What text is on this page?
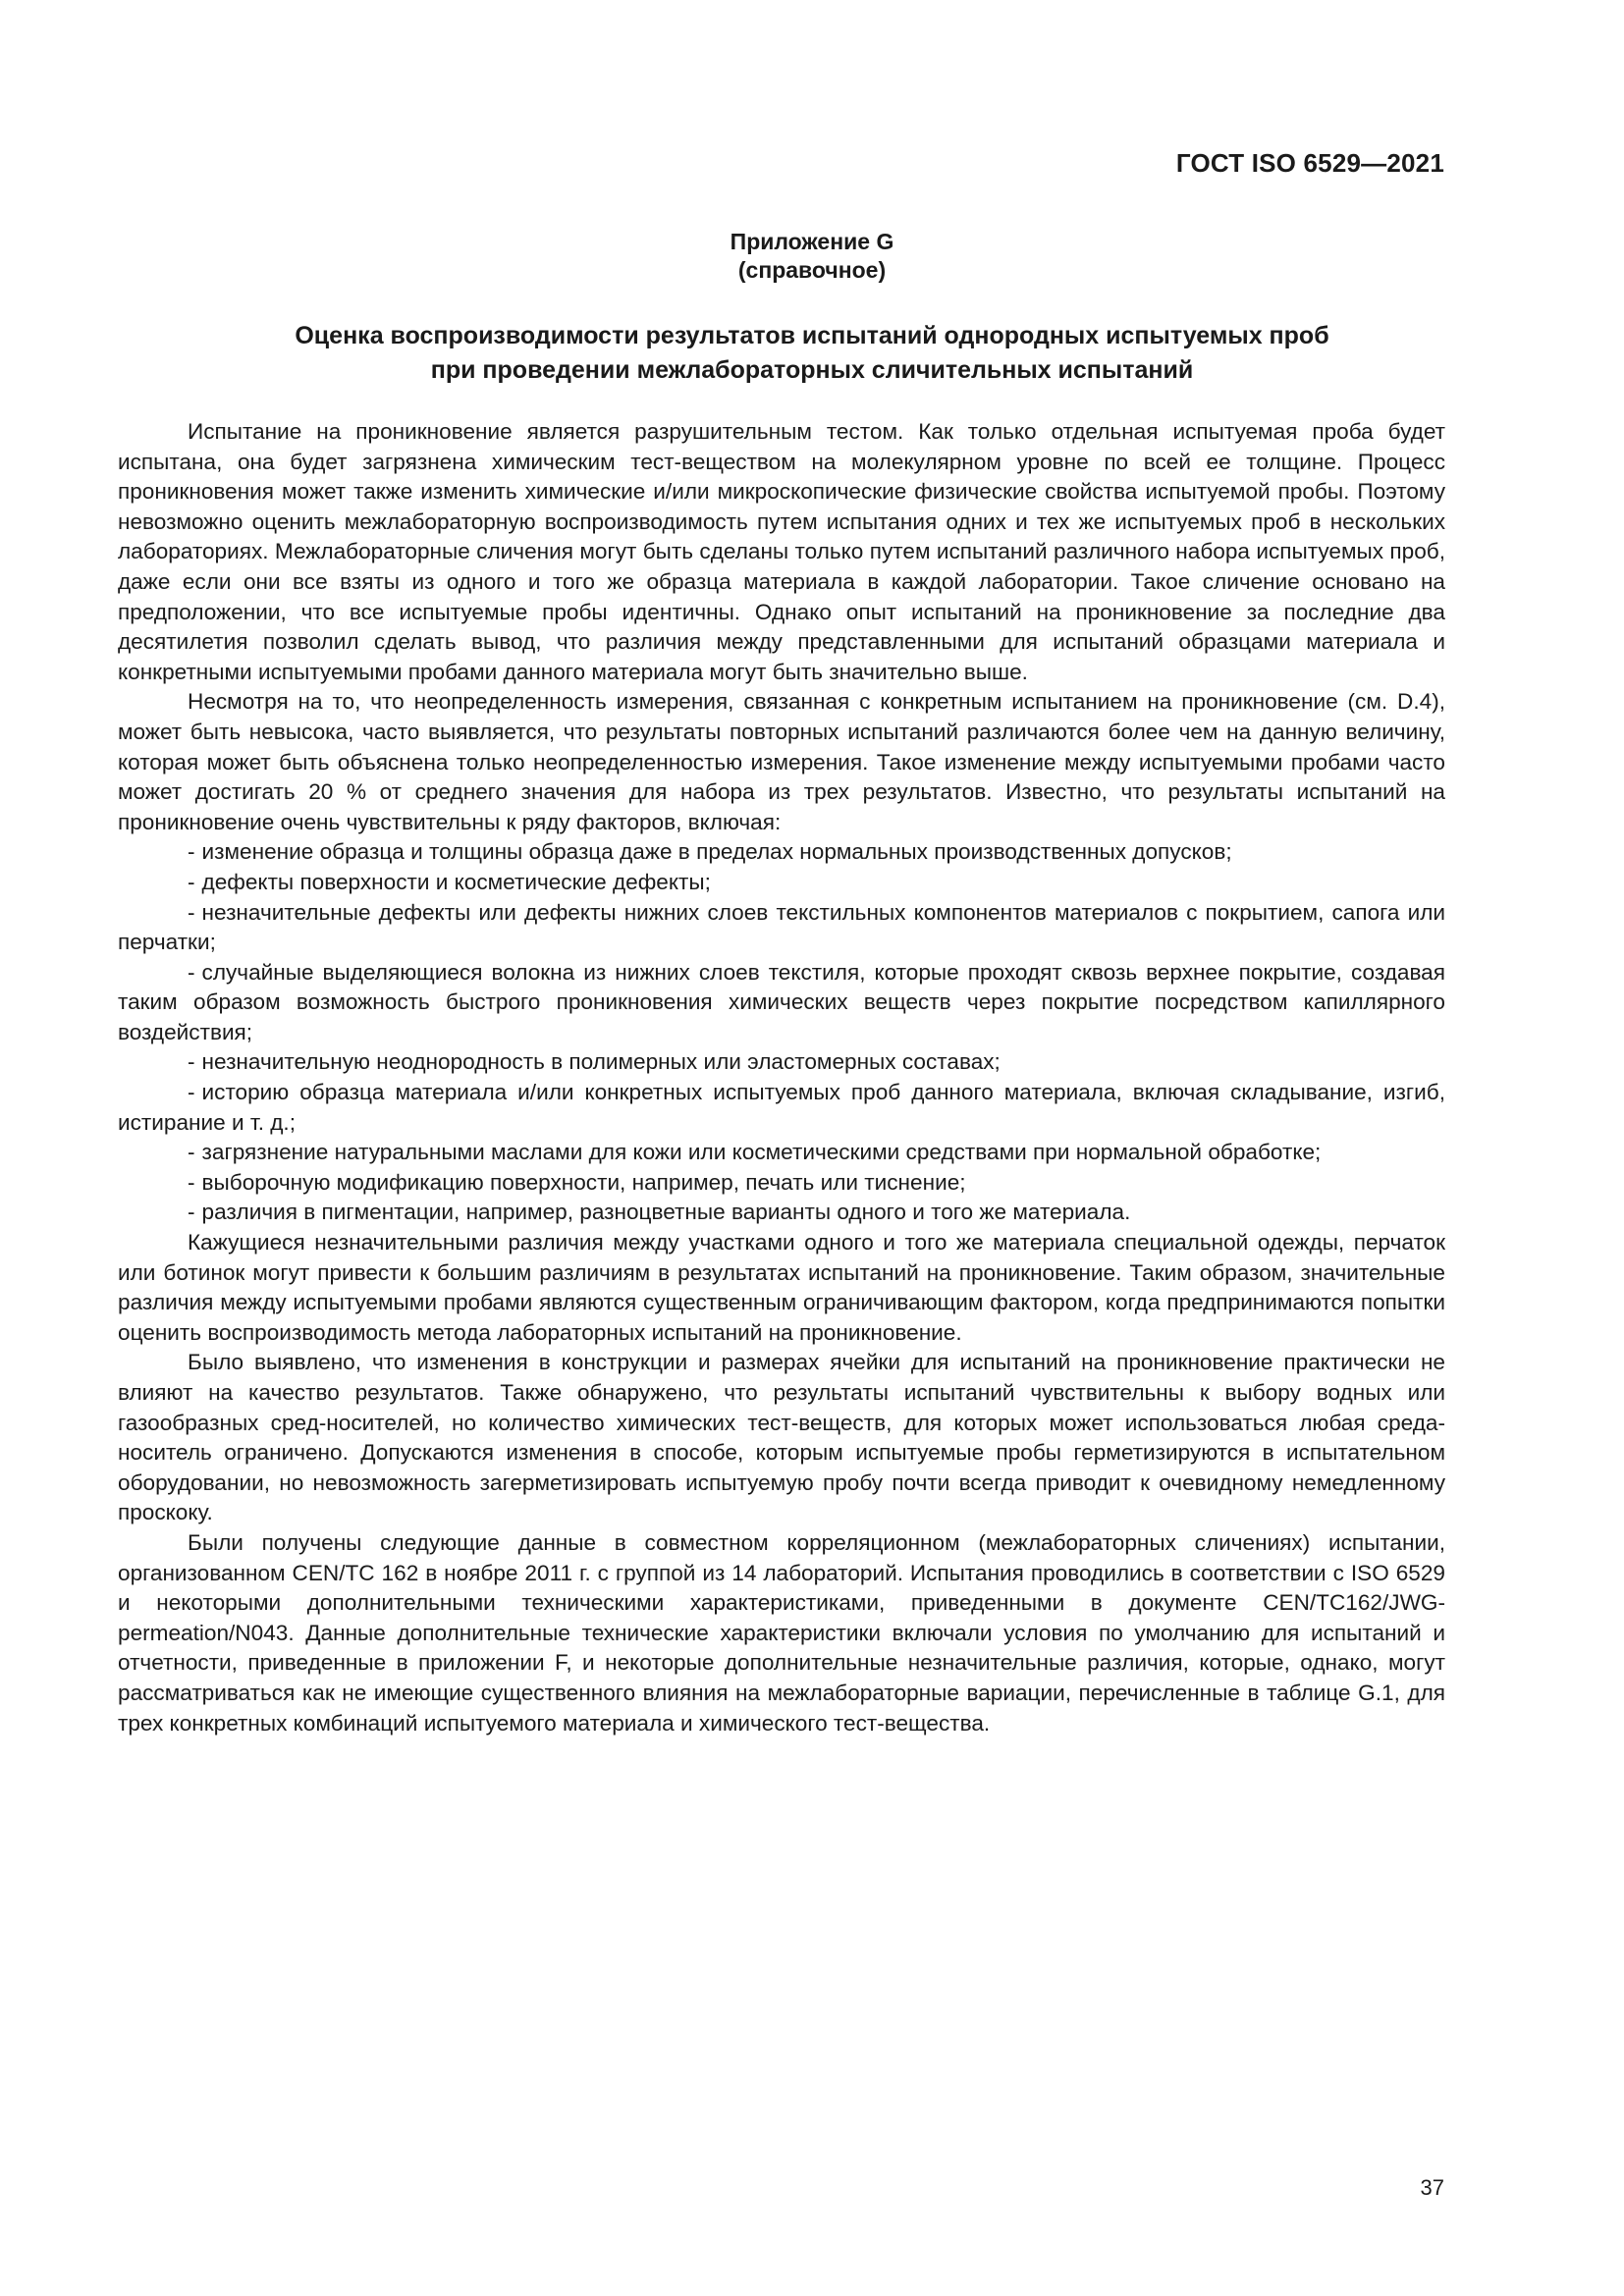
ГОСТ ISO 6529—2021
Приложение G
(справочное)
Оценка воспроизводимости результатов испытаний однородных испытуемых проб
при проведении межлабораторных сличительных испытаний

Испытание на проникновение является разрушительным тестом. Как только отдельная испытуемая проба будет испытана, она будет загрязнена химическим тест-веществом на молекулярном уровне по всей ее толщине. Процесс проникновения может также изменить химические и/или микроскопические физические свойства испытуемой пробы. Поэтому невозможно оценить межлабораторную воспроизводимость путем испытания одних и тех же испытуемых проб в нескольких лабораториях. Межлабораторные сличения могут быть сделаны только путем испытаний различного набора испытуемых проб, даже если они все взяты из одного и того же образца материала в каждой лаборатории. Такое сличение основано на предположении, что все испытуемые пробы идентичны. Однако опыт испытаний на проникновение за последние два десятилетия позволил сделать вывод, что различия между представленными для испытаний образцами материала и конкретными испытуемыми пробами данного материала могут быть значительно выше.

Несмотря на то, что неопределенность измерения, связанная с конкретным испытанием на проникновение (см. D.4), может быть невысока, часто выявляется, что результаты повторных испытаний различаются более чем на данную величину, которая может быть объяснена только неопределенностью измерения. Такое изменение между испытуемыми пробами часто может достигать 20 % от среднего значения для набора из трех результатов. Известно, что результаты испытаний на проникновение очень чувствительны к ряду факторов, включая:

- изменение образца и толщины образца даже в пределах нормальных производственных допусков;
- дефекты поверхности и косметические дефекты;
- незначительные дефекты или дефекты нижних слоев текстильных компонентов материалов с покрытием, сапога или перчатки;
- случайные выделяющиеся волокна из нижних слоев текстиля, которые проходят сквозь верхнее покрытие, создавая таким образом возможность быстрого проникновения химических веществ через покрытие посредством капиллярного воздействия;
- незначительную неоднородность в полимерных или эластомерных составах;
- историю образца материала и/или конкретных испытуемых проб данного материала, включая складывание, изгиб, истирание и т. д.;
- загрязнение натуральными маслами для кожи или косметическими средствами при нормальной обработке;
- выборочную модификацию поверхности, например, печать или тиснение;
- различия в пигментации, например, разноцветные варианты одного и того же материала.

Кажущиеся незначительными различия между участками одного и того же материала специальной одежды, перчаток или ботинок могут привести к большим различиям в результатах испытаний на проникновение. Таким образом, значительные различия между испытуемыми пробами являются существенным ограничивающим фактором, когда предпринимаются попытки оценить воспроизводимость метода лабораторных испытаний на проникновение.

Было выявлено, что изменения в конструкции и размерах ячейки для испытаний на проникновение практически не влияют на качество результатов. Также обнаружено, что результаты испытаний чувствительны к выбору водных или газообразных сред-носителей, но количество химических тест-веществ, для которых может использоваться любая среда-носитель ограничено. Допускаются изменения в способе, которым испытуемые пробы герметизируются в испытательном оборудовании, но невозможность загерметизировать испытуемую пробу почти всегда приводит к очевидному немедленному проскоку.

Были получены следующие данные в совместном корреляционном (межлабораторных сличениях) испытании, организованном CEN/TC 162 в ноябре 2011 г. с группой из 14 лабораторий. Испытания проводились в соответствии с ISO 6529 и некоторыми дополнительными техническими характеристиками, приведенными в документе CEN/TC162/JWG-permeation/N043. Данные дополнительные технические характеристики включали условия по умолчанию для испытаний и отчетности, приведенные в приложении F, и некоторые дополнительные незначительные различия, которые, однако, могут рассматриваться как не имеющие существенного влияния на межлабораторные вариации, перечисленные в таблице G.1, для трех конкретных комбинаций испытуемого материала и химического тест-вещества.

37
